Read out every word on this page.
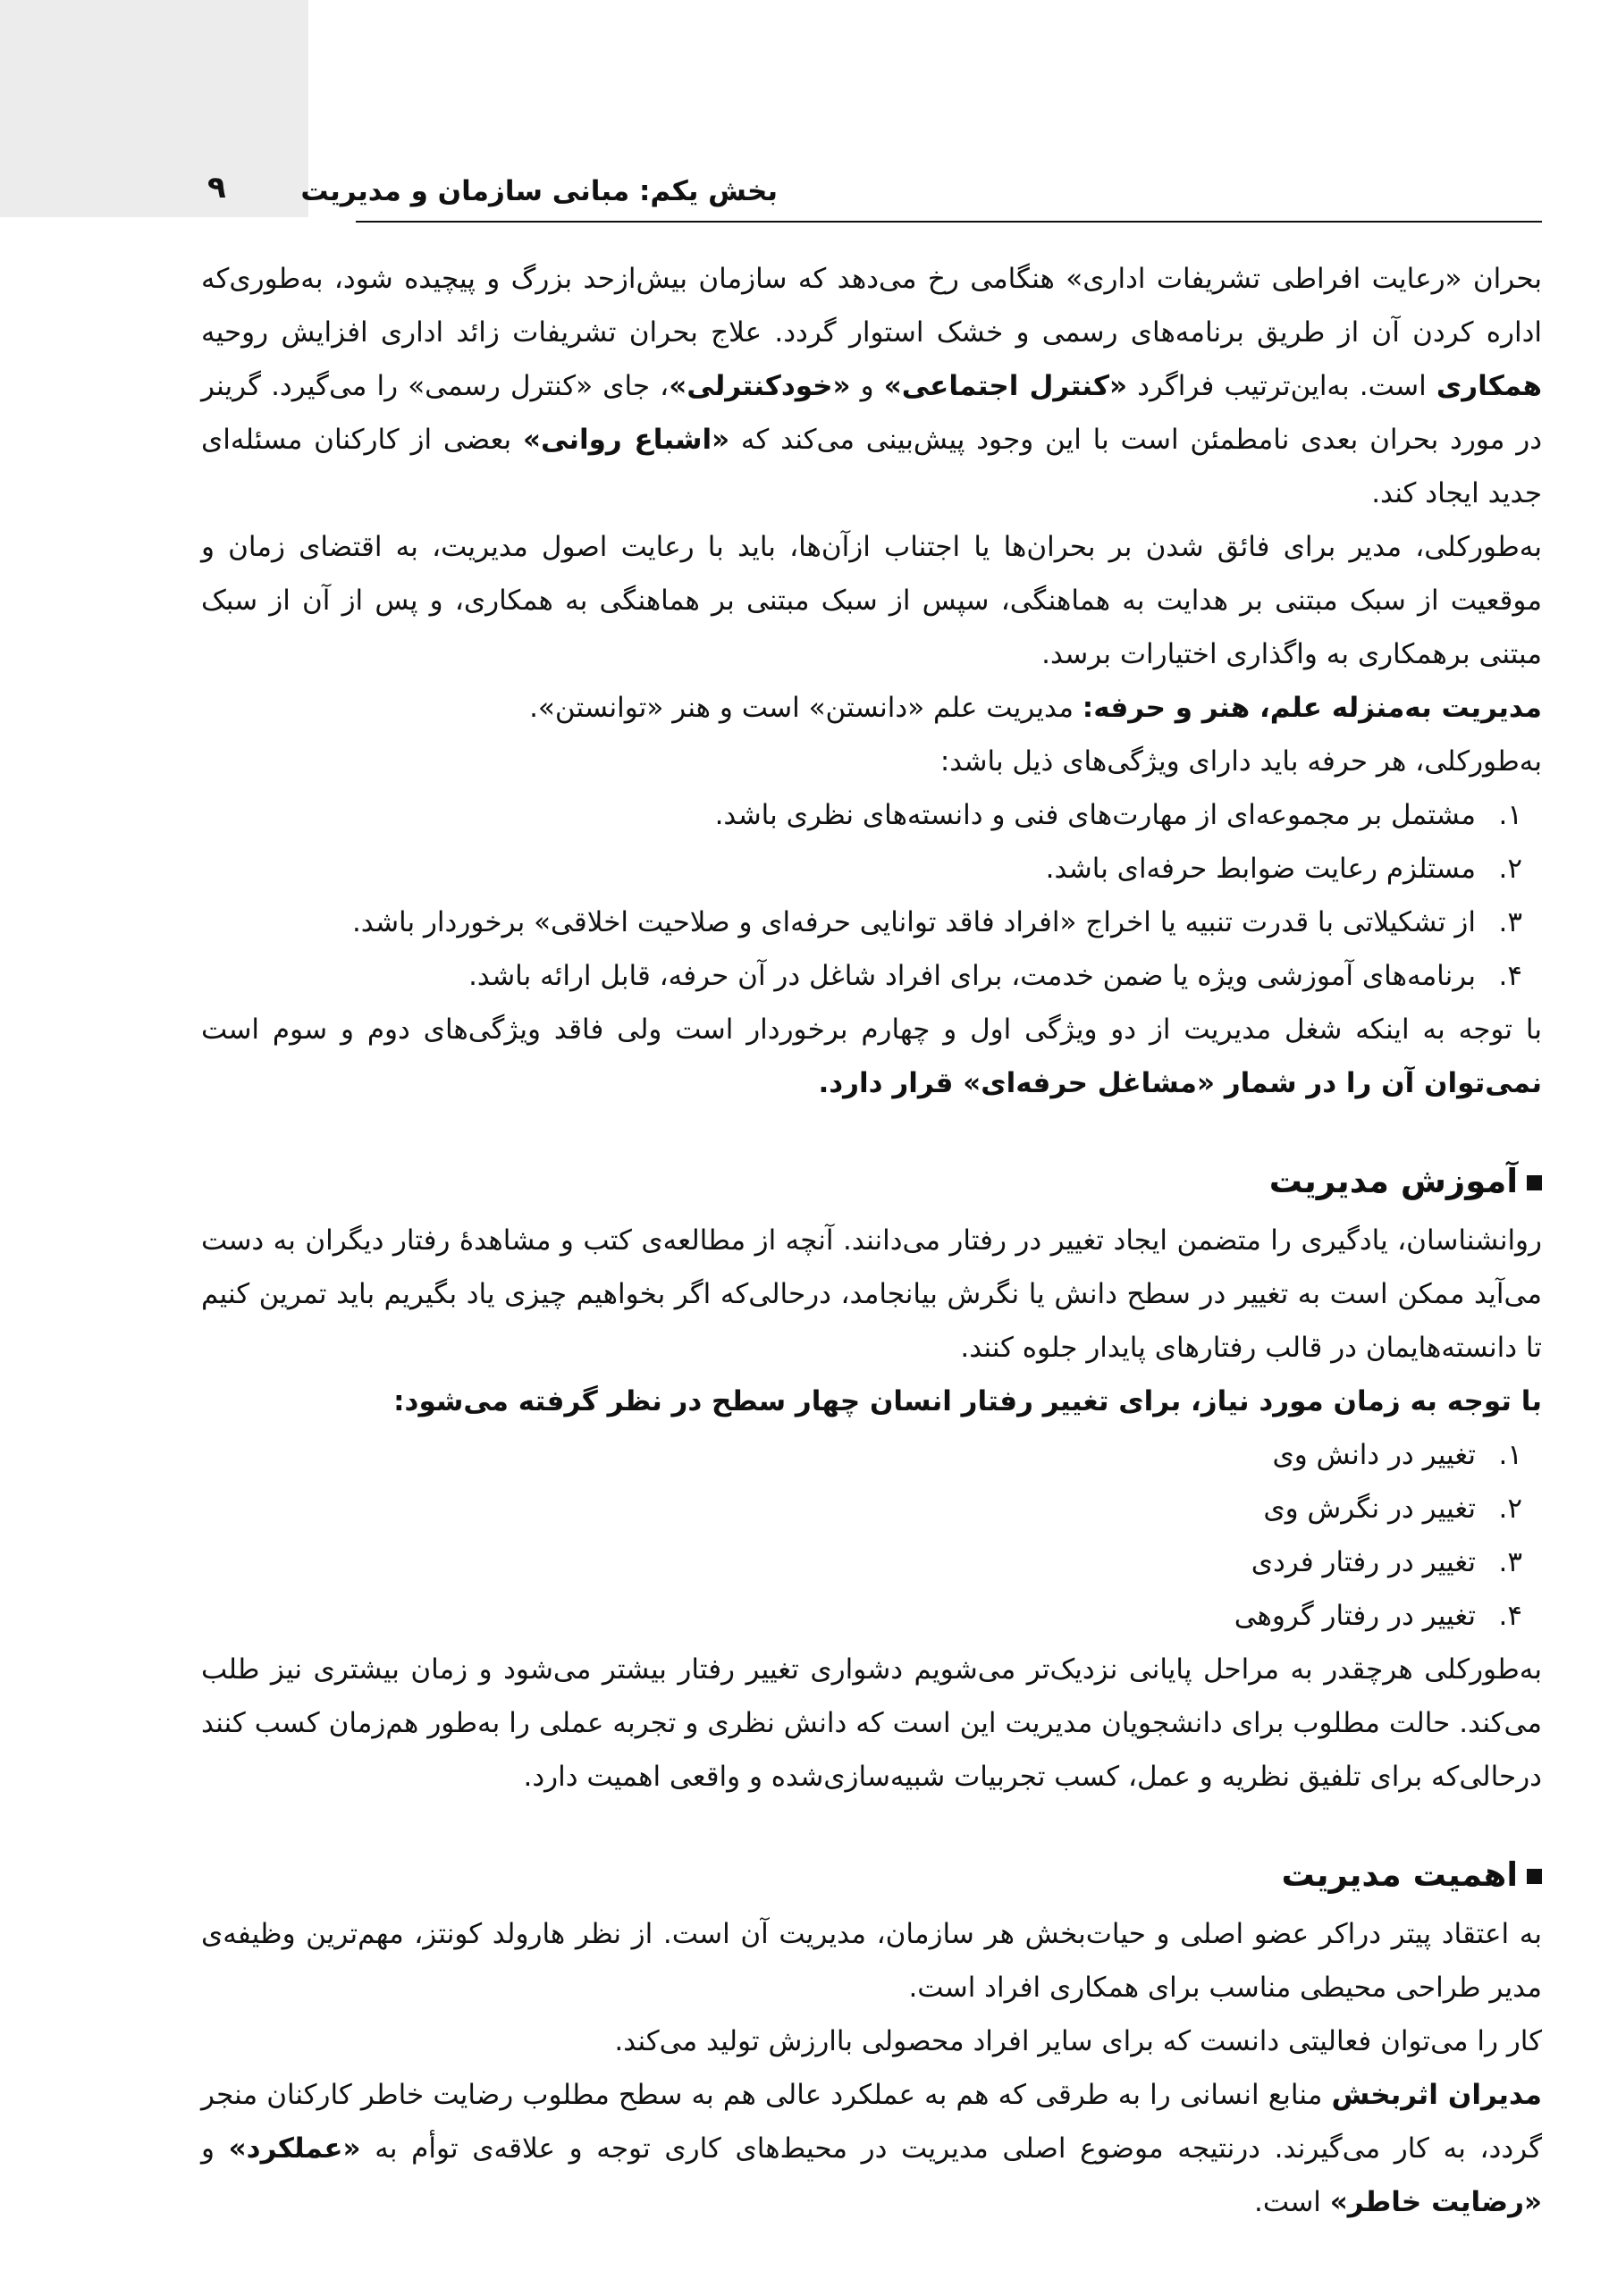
۹	بخش یکم: مبانی سازمان و مدیریت

بحران «رعایت افراطی تشریفات اداری» هنگامی رخ می‌دهد که سازمان بیش‌ازحد بزرگ و پیچیده شود، به‌طوری‌که اداره کردن آن از طریق برنامه‌های رسمی و خشک استوار گردد. علاج بحران تشریفات زائد اداری افزایش روحیه همکاری است. به‌این‌ترتیب فراگرد «کنترل اجتماعی» و «خودکنترلی»، جای «کنترل رسمی» را می‌گیرد. گرینر در مورد بحران بعدی نامطمئن است با این وجود پیش‌بینی می‌کند که «اشباع روانی» بعضی از کارکنان مسئله‌ای جدید ایجاد کند.

به‌طورکلی، مدیر برای فائق شدن بر بحران‌ها یا اجتناب ازآن‌ها، باید با رعایت اصول مدیریت، به اقتضای زمان و موقعیت از سبک مبتنی بر هدایت به هماهنگی، سپس از سبک مبتنی بر هماهنگی به همکاری، و پس از آن از سبک مبتنی برهمکاری به واگذاری اختیارات برسد.

مدیریت به‌منزله علم، هنر و حرفه: مدیریت علم «دانستن» است و هنر «توانستن».

به‌طورکلی، هر حرفه باید دارای ویژگی‌های ذیل باشد:

۱.مشتمل بر مجموعه‌ای از مهارت‌های فنی و دانسته‌های نظری باشد.
۲.مستلزم رعایت ضوابط حرفه‌ای باشد.
۳.از تشکیلاتی با قدرت تنبیه یا اخراج «افراد فاقد توانایی حرفه‌ای و صلاحیت اخلاقی» برخوردار باشد.
۴.برنامه‌های آموزشی ویژه یا ضمن خدمت، برای افراد شاغل در آن حرفه، قابل ارائه باشد.

با توجه به اینکه شغل مدیریت از دو ویژگی اول و چهارم برخوردار است ولی فاقد ویژگی‌های دوم و سوم است نمی‌توان آن را در شمار «مشاغل حرفه‌ای» قرار دارد.

آموزش مدیریت

روانشناسان، یادگیری را متضمن ایجاد تغییر در رفتار می‌دانند. آنچه از مطالعه‌ی کتب و مشاهدهٔ رفتار دیگران به دست می‌آید ممکن است به تغییر در سطح دانش یا نگرش بیانجامد، درحالی‌که اگر بخواهیم چیزی یاد بگیریم باید تمرین کنیم تا دانسته‌هایمان در قالب رفتارهای پایدار جلوه کنند.

با توجه به زمان مورد نیاز، برای تغییر رفتار انسان چهار سطح در نظر گرفته می‌شود:

۱.تغییر در دانش وی
۲.تغییر در نگرش وی
۳.تغییر در رفتار فردی
۴.تغییر در رفتار گروهی

به‌طورکلی هرچقدر به مراحل پایانی نزدیک‌تر می‌شویم دشواری تغییر رفتار بیشتر می‌شود و زمان بیشتری نیز طلب می‌کند. حالت مطلوب برای دانشجویان مدیریت این است که دانش نظری و تجربه عملی را به‌طور هم‌زمان کسب کنند درحالی‌که برای تلفیق نظریه و عمل، کسب تجربیات شبیه‌سازی‌شده و واقعی اهمیت دارد.

اهمیت مدیریت

به اعتقاد پیتر دراکر عضو اصلی و حیات‌بخش هر سازمان، مدیریت آن است. از نظر هارولد کونتز، مهم‌ترین وظیفه‌ی مدیر طراحی محیطی مناسب برای همکاری افراد است.

کار را می‌توان فعالیتی دانست که برای سایر افراد محصولی باارزش تولید می‌کند.

مدیران اثربخش منابع انسانی را به طرقی که هم به عملکرد عالی هم به سطح مطلوب رضایت خاطر کارکنان منجر گردد، به کار می‌گیرند. درنتیجه موضوع اصلی مدیریت در محیط‌های کاری توجه و علاقه‌ی توأم به «عملکرد» و «رضایت خاطر» است.
